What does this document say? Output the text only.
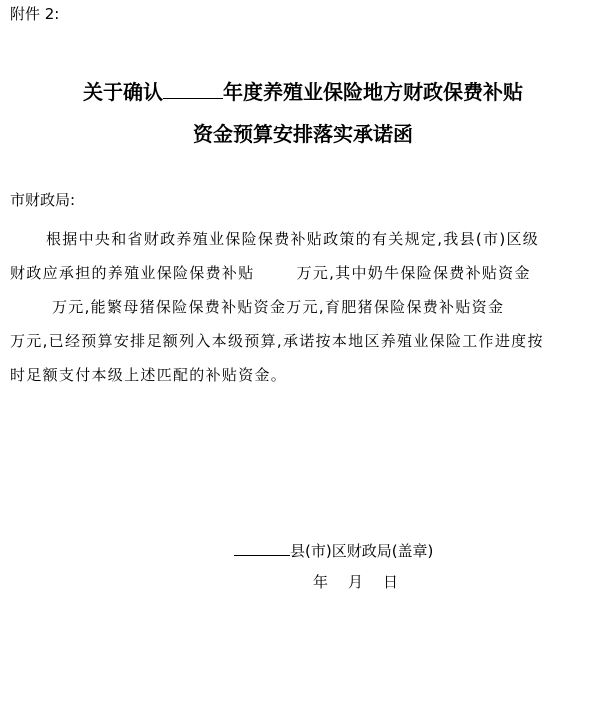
附件 2:
关于确认	年度养殖业保险地方财政保费补贴
资金预算安排落实承诺函
市财政局:
根据中央和省财政养殖业保险保费补贴政策的有关规定,我县(市)区级财政应承担的养殖业保险保费补贴	万元,其中奶牛保险保费补贴资金万元,能繁母猪保险保费补贴资金万元,育肥猪保险保费补贴资金万元,已经预算安排足额列入本级预算,承诺按本地区养殖业保险工作进度按时足额支付本级上述匹配的补贴资金。
县(市)区财政局(盖章)
年 月 日
